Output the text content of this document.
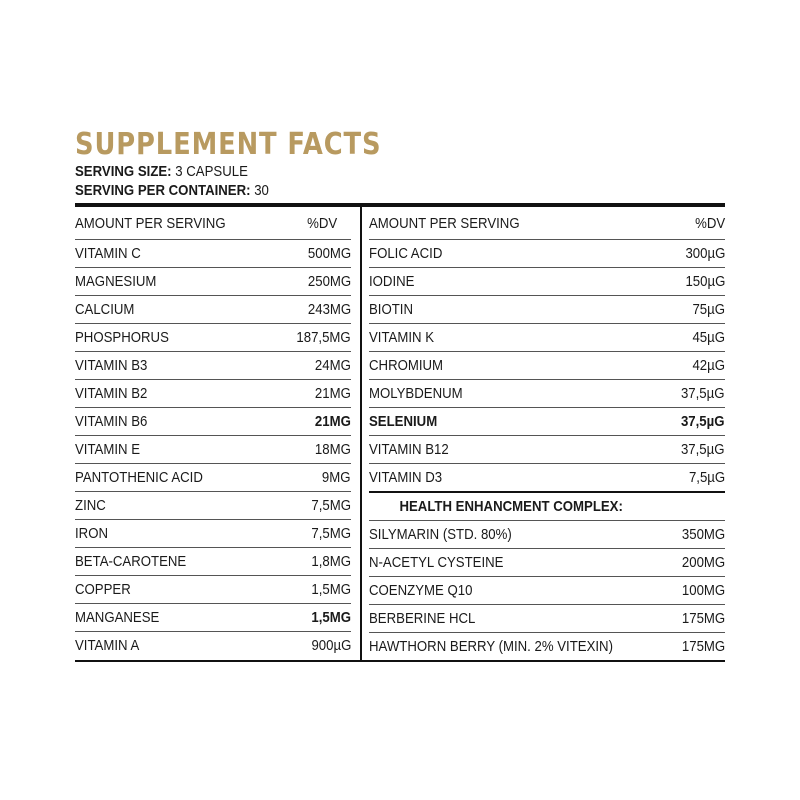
SUPPLEMENT FACTS
SERVING SIZE: 3 CAPSULE
SERVING PER CONTAINER: 30
AMOUNT PER SERVING	%DV
VITAMIN C	500MG
MAGNESIUM	250MG
CALCIUM	243MG
PHOSPHORUS	187,5MG
VITAMIN B3	24MG
VITAMIN B2	21MG
VITAMIN B6	21MG
VITAMIN E	18MG
PANTOTHENIC ACID	9MG
ZINC	7,5MG
IRON	7,5MG
BETA-CAROTENE	1,8MG
COPPER	1,5MG
MANGANESE	1,5MG
VITAMIN A	900µG
AMOUNT PER SERVING	%DV
FOLIC ACID	300µG
IODINE	150µG
BIOTIN	75µG
VITAMIN K	45µG
CHROMIUM	42µG
MOLYBDENUM	37,5µG
SELENIUM	37,5µG
VITAMIN B12	37,5µG
VITAMIN D3	7,5µG
HEALTH ENHANCMENT COMPLEX:
SILYMARIN (STD. 80%)	350MG
N-ACETYL CYSTEINE	200MG
COENZYME Q10	100MG
BERBERINE HCL	175MG
HAWTHORN BERRY (MIN. 2% VITEXIN)	175MG
